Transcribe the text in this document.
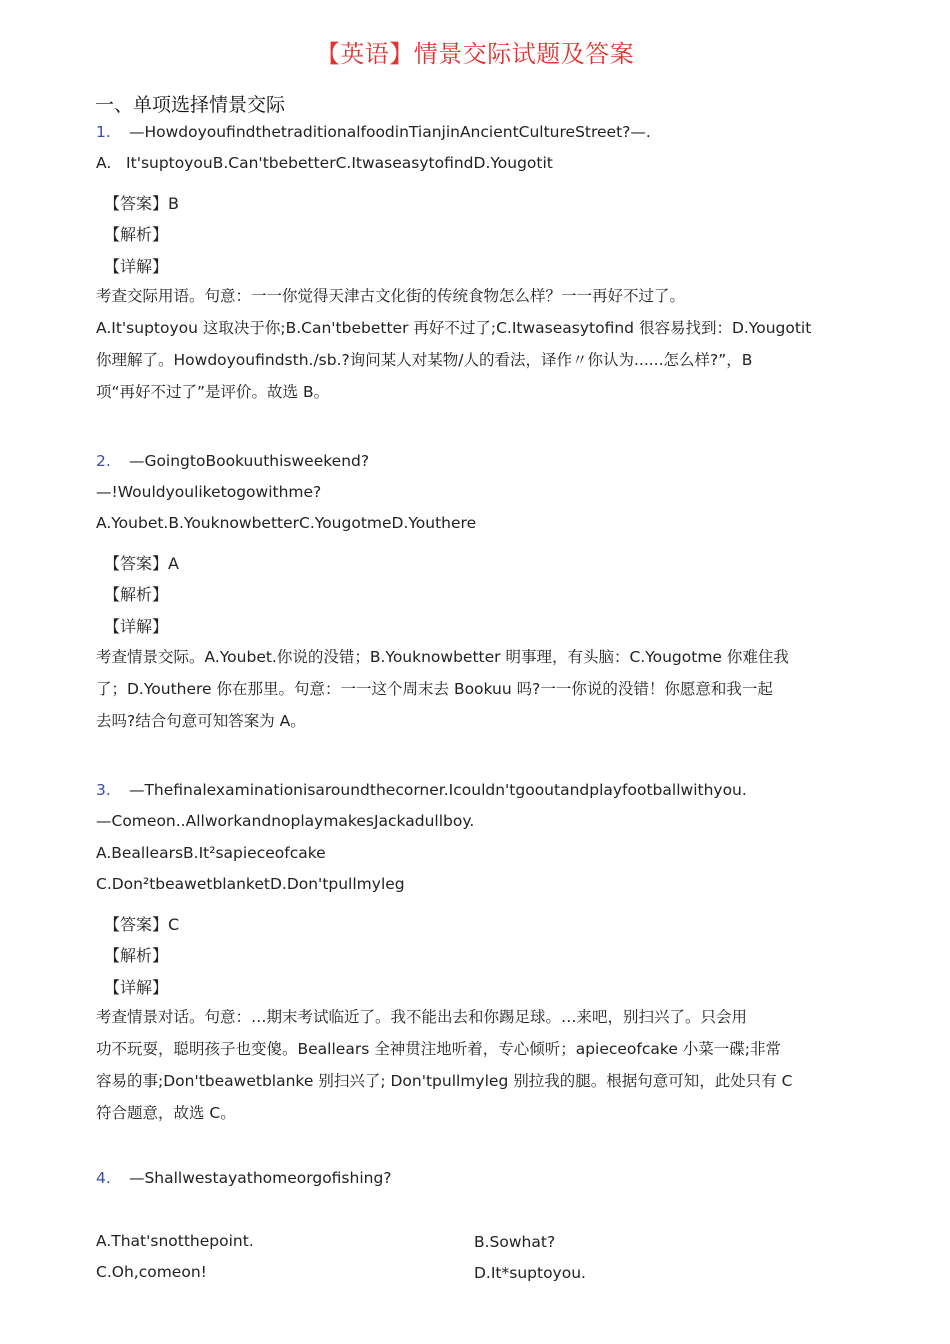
【英语】情景交际试题及答案
一、单项选择情景交际
1. —HowdoyoufindthetraditionalfoodinTianjinAncientCultureStreet?—.
A.   It'suptoyouB.Can'tbebetterC.ItwaseasytofindD.Yougotit
【答案】B
【解析】
【详解】
考查交际用语。句意：一一你觉得天津古文化街的传统食物怎么样？一一再好不过了。
A.It'suptoyou 这取决于你;B.Can'tbebetter 再好不过了;C.Itwaseasytofind 很容易找到：D.Yougotit
你理解了。Howdoyoufindsth./sb.?询问某人对某物/人的看法，译作〃你认为......怎么样?”，B
项“再好不过了”是评价。故选 B。
2. —GoingtoBookuuthisweekend?
—!Wouldyouliketogowithme?
A.Youbet.B.YouknowbetterC.YougotmeD.Youthere
【答案】A
【解析】
【详解】
考查情景交际。A.Youbet.你说的没错；B.Youknowbetter 明事理，有头脑：C.Yougotme 你难住我
了；D.Youthere 你在那里。句意：一一这个周末去 Bookuu 吗?一一你说的没错！你愿意和我一起
去吗?结合句意可知答案为 A。
3. —Thefinalexaminationisaroundthecorner.Icouldn'tgooutandplayfootballwithyou.
—Comeon..Allworkandnoplaymakes​Jackadullboy.
A.BeallearsB.It²sapieceofcake
C.Don²tbeawetblanketD.Don'tpullmyleg
【答案】C
【解析】
【详解】
考查情景对话。句意：…期末考试临近了。我不能出去和你踢足球。…来吧，别扫兴了。只会用
功不玩耍，聪明孩子也变傻。Beallears 全神贯注地听着，专心倾听；apieceofcake 小菜一碟;非常
容易的事;Don'tbeawetblanke 别扫兴了; Don'tpullmyleg 别拉我的腿。根据句意可知，此处只有 C
符合题意，故选 C。
4. —Shallwestayathomeorgofishing?
A.That'snotthepoint.	B.Sowhat?
C.Oh,comeon!	D.It*suptoyou.
